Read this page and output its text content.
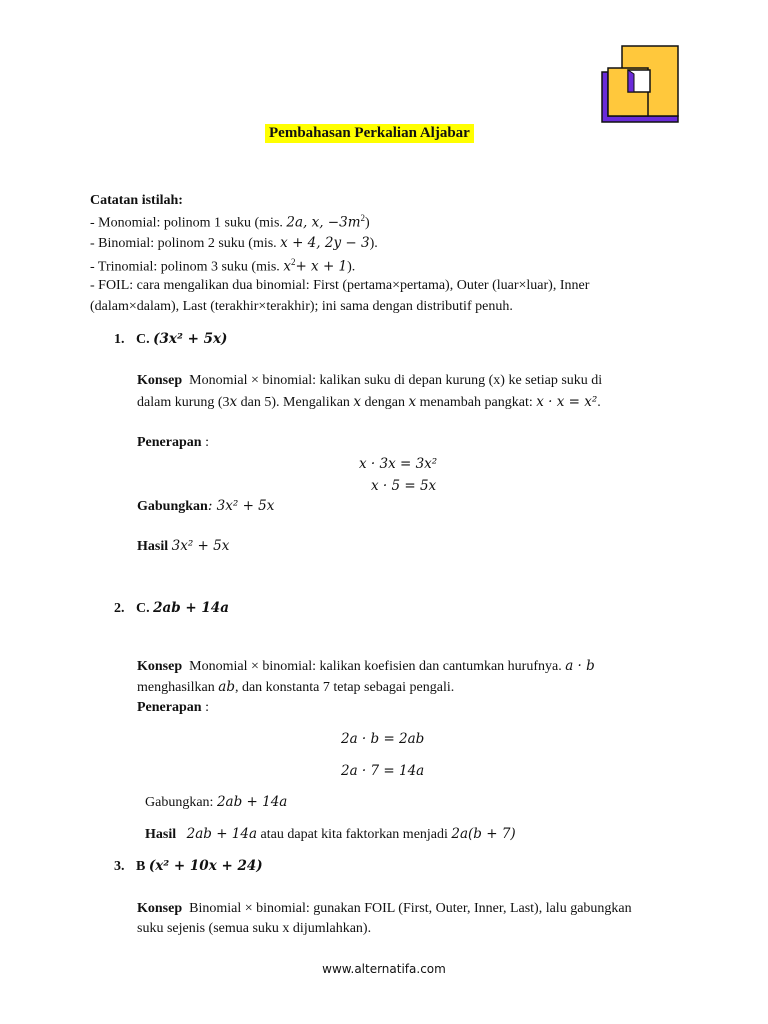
Pembahasan Perkalian Aljabar
Catatan istilah:
- Monomial: polinom 1 suku (mis. 2a, x, $-3m^2$)
- Binomial: polinom 2 suku (mis. x + 4, 2y − 3).
- Trinomial: polinom 3 suku (mis. $x^2+ x + 1$).
- FOIL: cara mengalikan dua binomial: First (pertama×pertama), Outer (luar×luar), Inner
(dalam×dalam), Last (terakhir×terakhir); ini sama dengan distributif penuh.
1. C. (3x² + 5x)
Konsep Monomial × binomial: kalikan suku di depan kurung (x) ke setiap suku di
dalam kurung (3x dan 5). Mengalikan x dengan x menambah pangkat: x · x = x².
Penerapan :
x · 3x = 3x²
x · 5 = 5x
Gabungkan: 3x² + 5x
Hasil 3x² + 5x
2. C. 2ab + 14a
Konsep Monomial × binomial: kalikan koefisien dan cantumkan hurufnya. a · b
menghasilkan ab, dan konstanta 7 tetap sebagai pengali.
Penerapan :
2a · b = 2ab
2a · 7 = 14a
Gabungkan: 2ab + 14a
Hasil 2ab + 14a atau dapat kita faktorkan menjadi 2a(b + 7)
3. B (x² + 10x + 24)
Konsep Binomial × binomial: gunakan FOIL (First, Outer, Inner, Last), lalu gabungkan
suku sejenis (semua suku x dijumlahkan).
www.alternatifa.com
